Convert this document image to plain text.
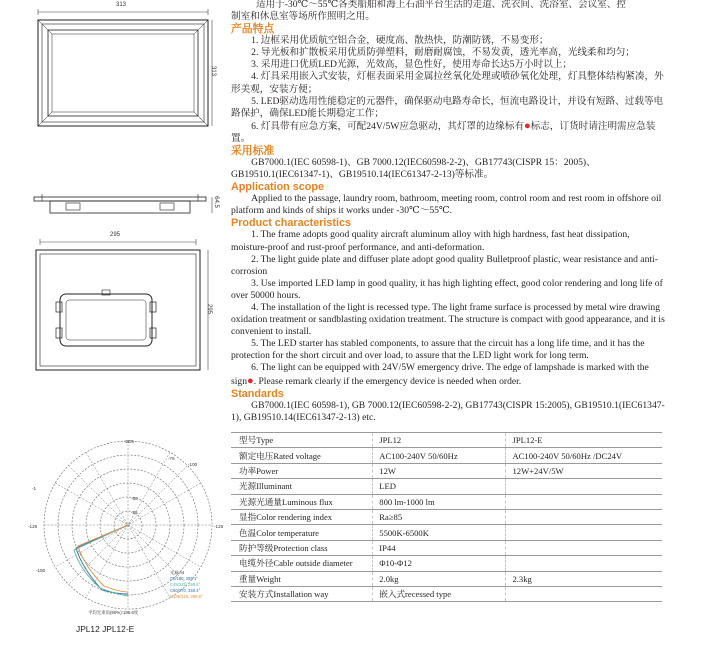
313
313
64.5
295
295
-2D5
-1
-125
-150
-125
-100
-75
-50
-25
光源:n4
C0/180, 289.1°
C45/225, 298.8°
C90/270, 250.4°
C135/315, 298.8°
平均光束角(90%):196.6度
JPL12 JPL12-E
适用于-30℃～55℃各类船舶和海上石油平台生活的走道、洗衣间、洗浴室、会议室、控
制室和休息室等场所作照明之用。
产品特点
1. 边框采用优质航空铝合金，硬度高、散热快，防潮防锈，不易变形；
2. 导光板和扩散板采用优质防弹塑料，耐磨耐腐蚀，不易发黄，透光率高，光线柔和均匀；
3. 采用进口优质LED光源，光效高，显色性好，使用寿命长达5万小时以上；
4. 灯具采用嵌入式安装，灯框表面采用金属拉丝氧化处理或喷砂氧化处理，灯具整体结构紧凑，外形美观，安装方便；
5. LED驱动选用性能稳定的元器件，确保驱动电路寿命长，恒流电路设计，并设有短路、过载等电路保护，确保LED能长期稳定工作；
6. 灯具带有应急方案，可配24V/5W应急驱动，其灯罩的边缘标有●标志，订货时请注明需应急装置。
采用标准
GB7000.1(IEC 60598-1)、GB 7000.12(IEC60598-2-2)、GB17743(CISPR 15：2005)、GB19510.1(IEC61347-1)、GB19510.14(IEC61347-2-13)等标准。
Application scope
Applied to the passage, laundry room, bathroom, meeting room, control room and rest room in offshore oil platform and kinds of ships it works under -30℃～55℃.
Product characteristics
1. The frame adopts good quality aircraft aluminum alloy with high hardness, fast heat dissipation, moisture-proof and rust-proof performance, and anti-deformation.
2. The light guide plate and diffuser plate adopt good quality Bulletproof plastic, wear resistance and anti-corrosion
3. Use imported LED lamp in good quality, it has high lighting effect, good color rendering and long life of over 50000 hours.
4. The installation of the light is recessed type. The light frame surface is processed by metal wire drawing oxidation treatment or sandblasting oxidation treatment. The structure is compact with good appearance, and it is convenient to install.
5. The LED starter has stabled components, to assure that the circuit has a long life time, and it has the protection for the short circuit and over load, to assure that the LED light work for long term.
6. The light can be equipped with 24V/5W emergency drive. The edge of lampshade is marked with the sign●. Please remark clearly if the emergency device is needed when order.
Standards
GB7000.1(IEC 60598-1), GB 7000.12(IEC60598-2-2), GB17743(CISPR 15:2005), GB19510.1(IEC61347-1), GB19510.14(IEC61347-2-13) etc.
型号Type	JPL12	JPL12-E
额定电压Rated voltage	AC100-240V 50/60Hz	AC100-240V 50/60Hz /DC24V
功率Power	12W	12W+24V/5W
光源Illuminant	LED	
光源光通量Luminous flux	800 lm-1000 lm	
显指Color rendering index	Ra≥85	
色温Color temperature	5500K-6500K	
防护等级Protection class	IP44	
电缆外径Cable outside diameter	Φ10-Φ12	
重量Weight	2.0kg	2.3kg
安装方式Installation way	嵌入式recessed type	
